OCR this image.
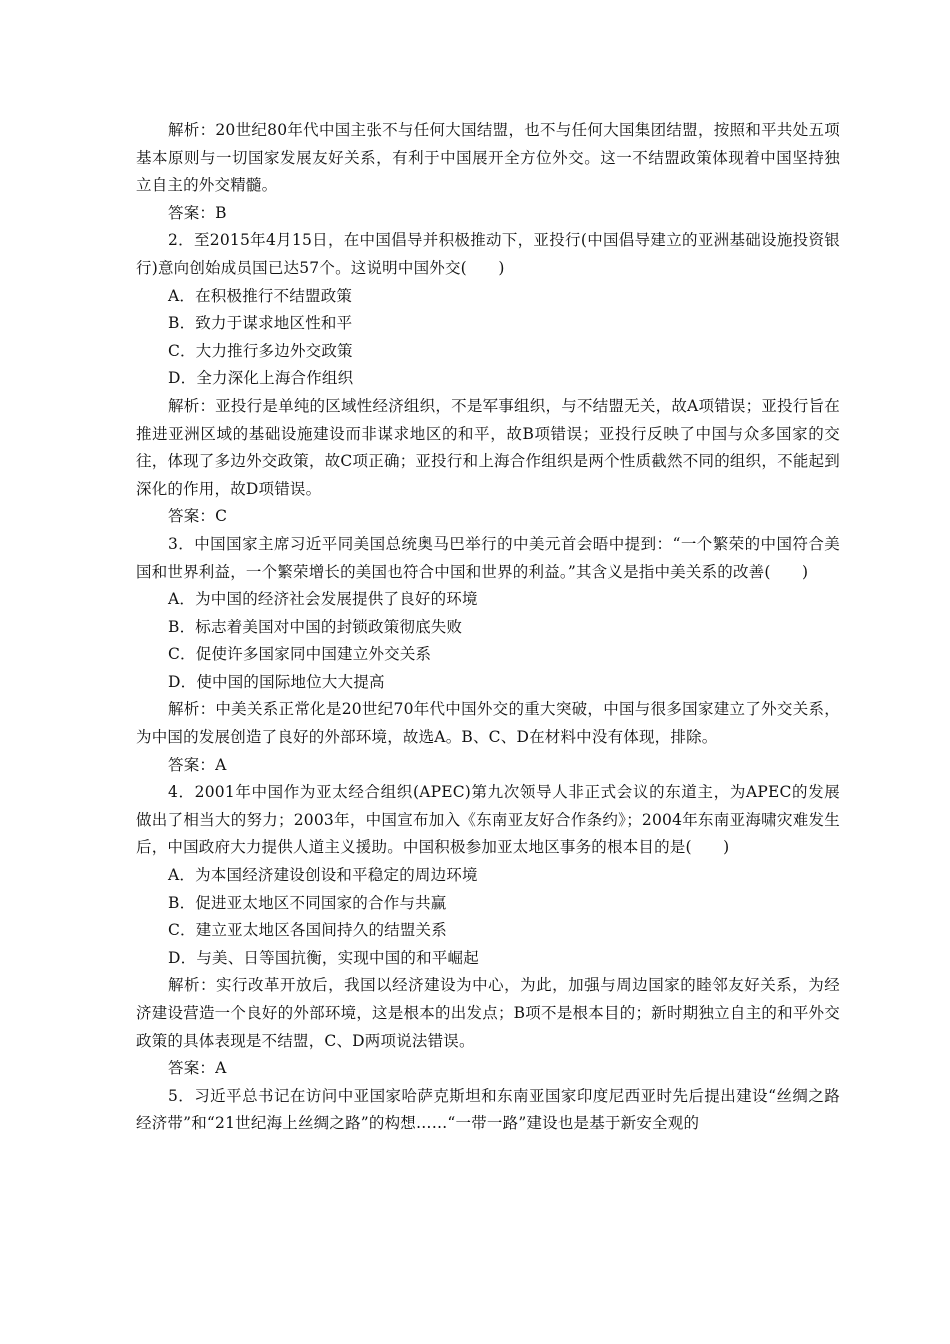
解析：20世纪80年代中国主张不与任何大国结盟，也不与任何大国集团结盟，按照和平共处五项基本原则与一切国家发展友好关系，有利于中国展开全方位外交。这一不结盟政策体现着中国坚持独立自主的外交精髓。

答案：B

2．至2015年4月15日，在中国倡导并积极推动下，亚投行(中国倡导建立的亚洲基础设施投资银行)意向创始成员国已达57个。这说明中国外交(　　)

A．在积极推行不结盟政策

B．致力于谋求地区性和平

C．大力推行多边外交政策

D．全力深化上海合作组织

解析：亚投行是单纯的区域性经济组织，不是军事组织，与不结盟无关，故A项错误；亚投行旨在推进亚洲区域的基础设施建设而非谋求地区的和平，故B项错误；亚投行反映了中国与众多国家的交往，体现了多边外交政策，故C项正确；亚投行和上海合作组织是两个性质截然不同的组织，不能起到深化的作用，故D项错误。

答案：C

3．中国国家主席习近平同美国总统奥马巴举行的中美元首会晤中提到：“一个繁荣的中国符合美国和世界利益，一个繁荣增长的美国也符合中国和世界的利益。”其含义是指中美关系的改善(　　)

A．为中国的经济社会发展提供了良好的环境

B．标志着美国对中国的封锁政策彻底失败

C．促使许多国家同中国建立外交关系

D．使中国的国际地位大大提高

解析：中美关系正常化是20世纪70年代中国外交的重大突破，中国与很多国家建立了外交关系，为中国的发展创造了良好的外部环境，故选A。B、C、D在材料中没有体现，排除。

答案：A

4．2001年中国作为亚太经合组织(APEC)第九次领导人非正式会议的东道主，为APEC的发展做出了相当大的努力；2003年，中国宣布加入《东南亚友好合作条约》；2004年东南亚海啸灾难发生后，中国政府大力提供人道主义援助。中国积极参加亚太地区事务的根本目的是(　　)

A．为本国经济建设创设和平稳定的周边环境

B．促进亚太地区不同国家的合作与共赢

C．建立亚太地区各国间持久的结盟关系

D．与美、日等国抗衡，实现中国的和平崛起

解析：实行改革开放后，我国以经济建设为中心，为此，加强与周边国家的睦邻友好关系，为经济建设营造一个良好的外部环境，这是根本的出发点；B项不是根本目的；新时期独立自主的和平外交政策的具体表现是不结盟，C、D两项说法错误。

答案：A

5．习近平总书记在访问中亚国家哈萨克斯坦和东南亚国家印度尼西亚时先后提出建设“丝绸之路经济带”和“21世纪海上丝绸之路”的构想……“一带一路”建设也是基于新安全观的
